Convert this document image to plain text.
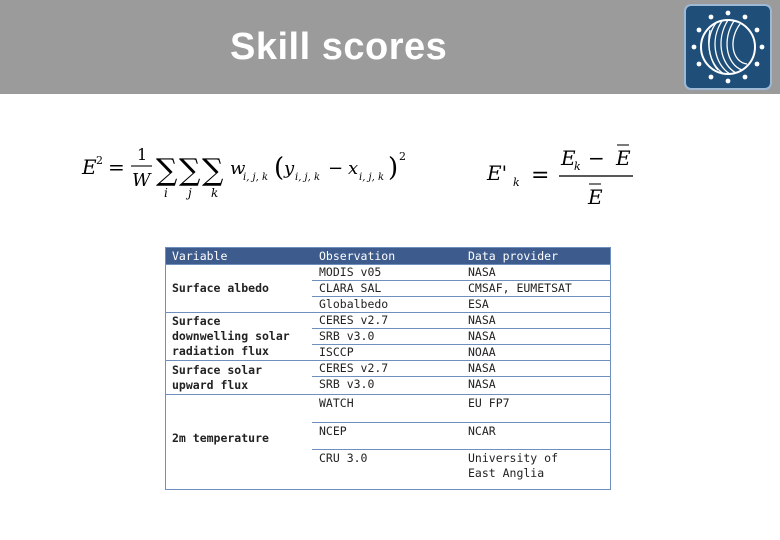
Skill scores
E 2 =
1
W ∑ ∑ ∑
i j k
w
i, j, k ( y i, j, k − x i, j, k ) 2
E' k =
E
k − E
E
Variable	Observation	Data provider
Surface albedo	MODIS v05	NASA
	CLARA SAL	CMSAF, EUMETSAT
	Globalbedo	ESA
Surface
downwelling solar
radiation flux	CERES v2.7	NASA
	SRB v3.0	NASA
	ISCCP	NOAA
Surface solar
upward flux	CERES v2.7	NASA
	SRB v3.0	NASA
2m temperature	WATCH	EU FP7
	NCEP	NCAR
	CRU 3.0	University of
East Anglia
